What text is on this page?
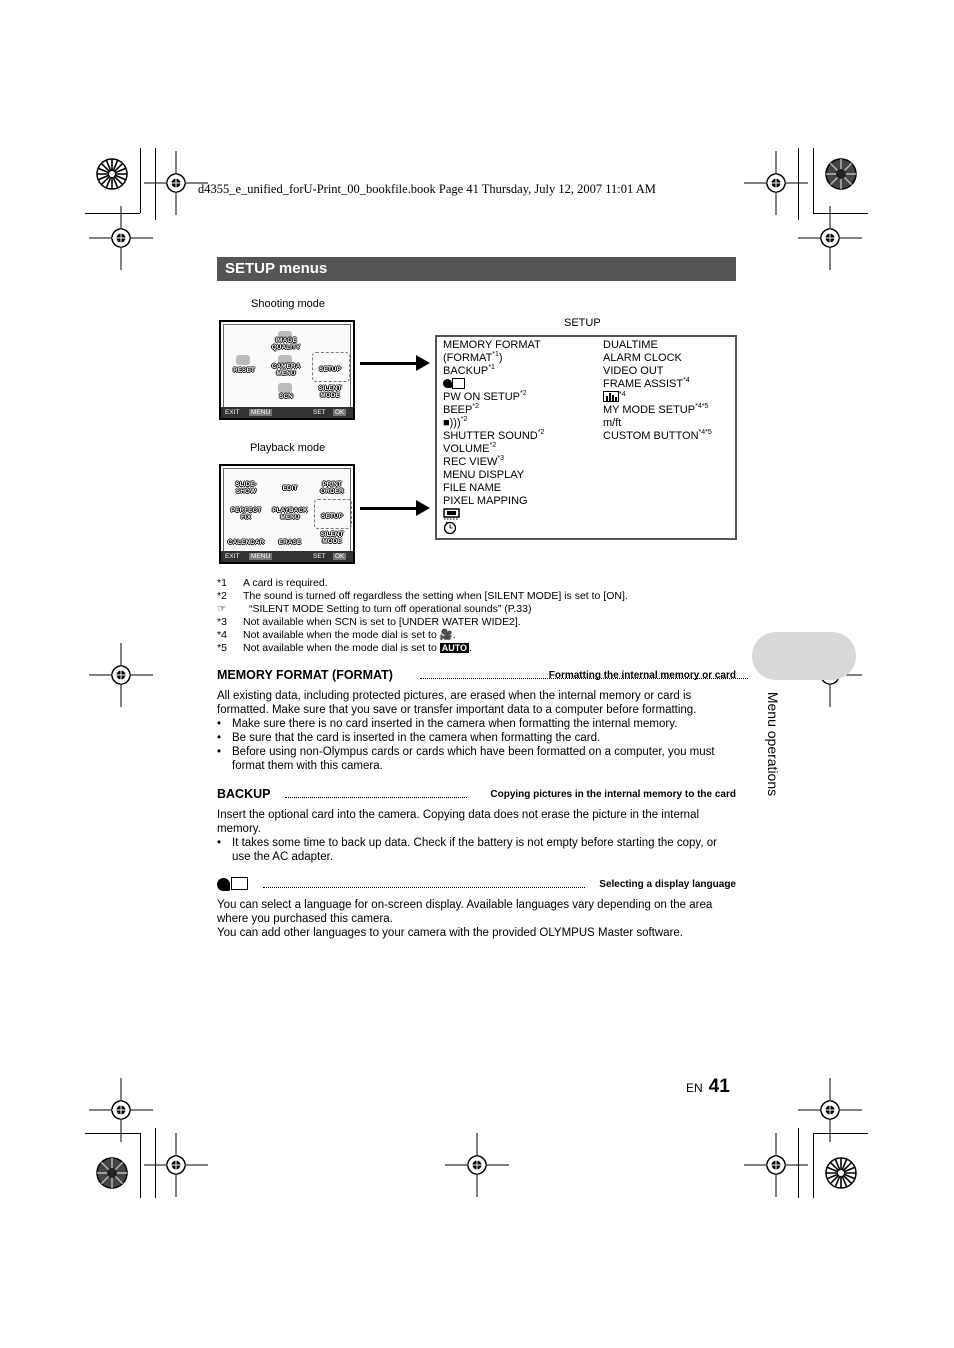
d4355_e_unified_forU-Print_00_bookfile.book Page 41 Thursday, July 12, 2007 11:01 AM
SETUP menus
Shooting mode
IMAGE
QUALITY
RESET
CAMERA
MENU
SETUP
SCN
SILENT
MODE
EXIT	MENU	SET	OK
Playback mode
SLIDE-
SHOW	EDIT
PRINT
ORDER
PERFECT
FIX
PLAYBACK
MENU	SETUP
CALENDAR	ERASE
SILENT
MODE
EXIT	MENU	SET	OK
SETUP
MEMORY FORMAT
(FORMAT$^{*1}$)
BACKUP$^{*1}$
PW ON SETUP$^{*2}$
BEEP$^{*2}$
■)))$^{*2}$
SHUTTER SOUND$^{*2}$
VOLUME$^{*2}$
REC VIEW$^{*3}$
MENU DISPLAY
FILE NAME
PIXEL MAPPING
DUALTIME
ALARM CLOCK
VIDEO OUT
FRAME ASSIST$^{*4}$
$^{*4}$
MY MODE $SETUP^{*4*5}$
m/ft
CUSTOM $BUTTON^{*4*5}$
*1 A card is required.
*2 The sound is turned off regardless the setting when [SILENT MODE] is set to [ON].
☞ “SILENT MODE Setting to turn off operational sounds” (P.33)
*3 Not available when SCN is set to [UNDER WATER WIDE2].
*4 Not available when the mode dial is set to 🎥.
*5 Not available when the mode dial is set to AUTO .
MEMORY FORMAT (FORMAT)	Formatting the internal memory or card

All existing data, including protected pictures, are erased when the internal memory or card is formatted. Make sure that you save or transfer important data to a computer before formatting.

• Make sure there is no card inserted in the camera when formatting the internal memory.
• Be sure that the card is inserted in the camera when formatting the card.
• Before using non-Olympus cards or cards which have been formatted on a computer, you must format them with this camera.
BACKUP	Copying pictures in the internal memory to the card

Insert the optional card into the camera. Copying data does not erase the picture in the internal memory.

• It takes some time to back up data. Check if the battery is not empty before starting the copy, or use the AC adapter.
Selecting a display language

You can select a language for on-screen display. Available languages vary depending on the area where you purchased this camera.

You can add other languages to your camera with the provided OLYMPUS Master software.

Menu operations
EN 41
